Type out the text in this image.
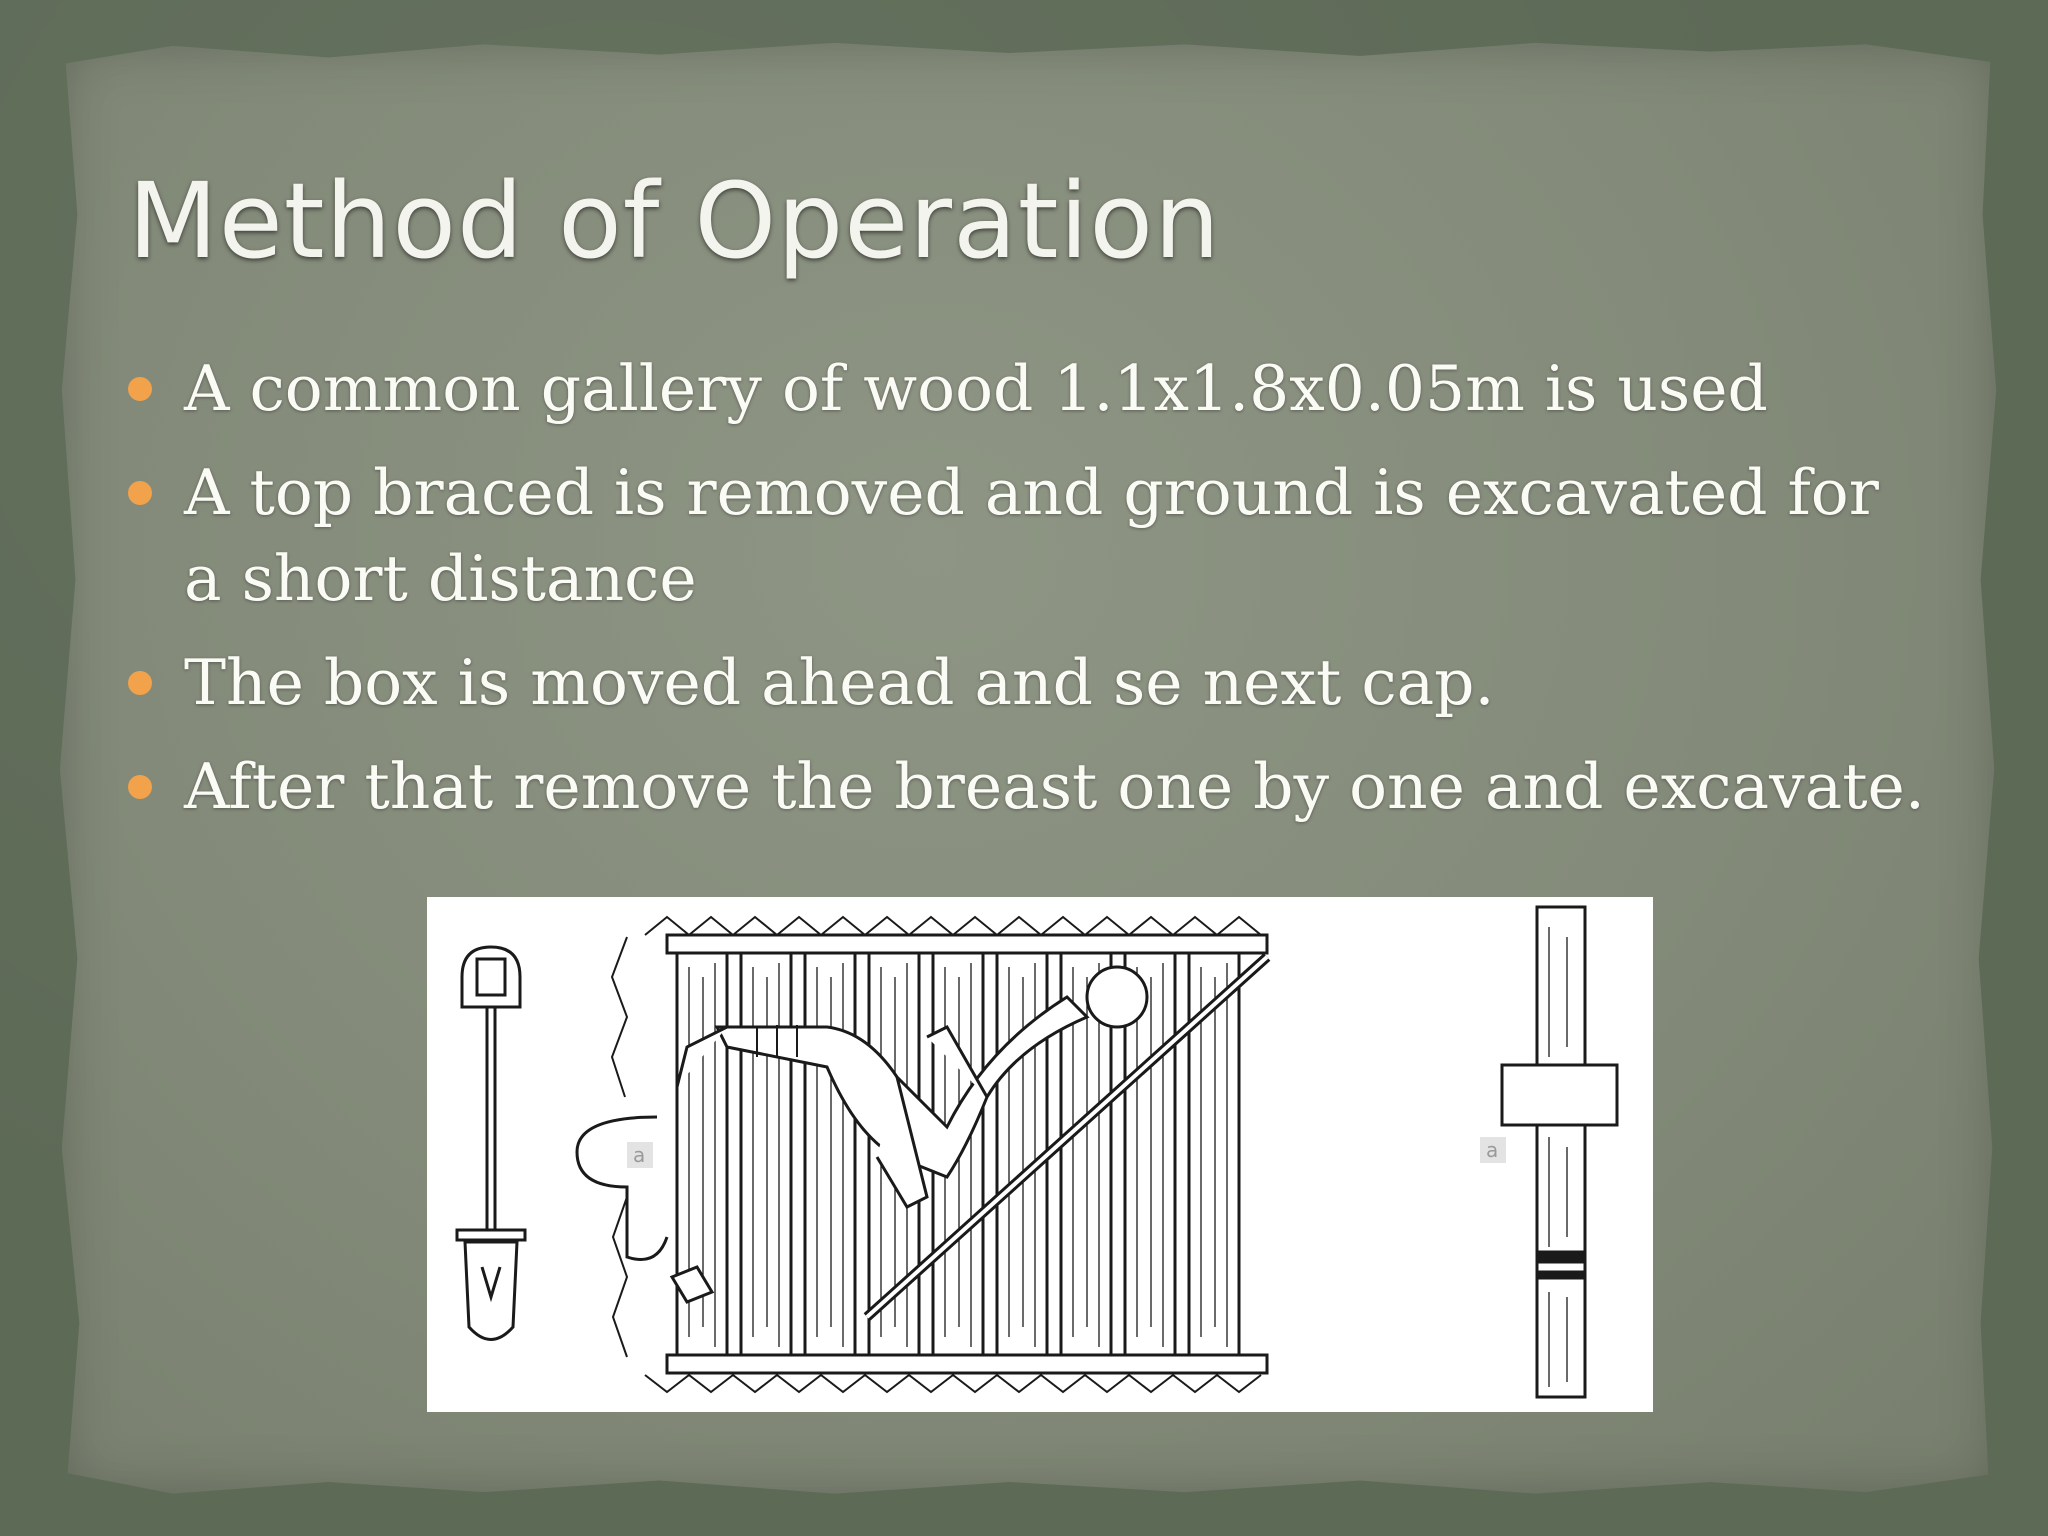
Method of Operation
A common gallery of wood 1.1x1.8x0.05m is used
A top braced is removed and ground is excavated for a short distance
The box is moved ahead and se next cap.
After that remove the breast one by one and excavate.
a	a
